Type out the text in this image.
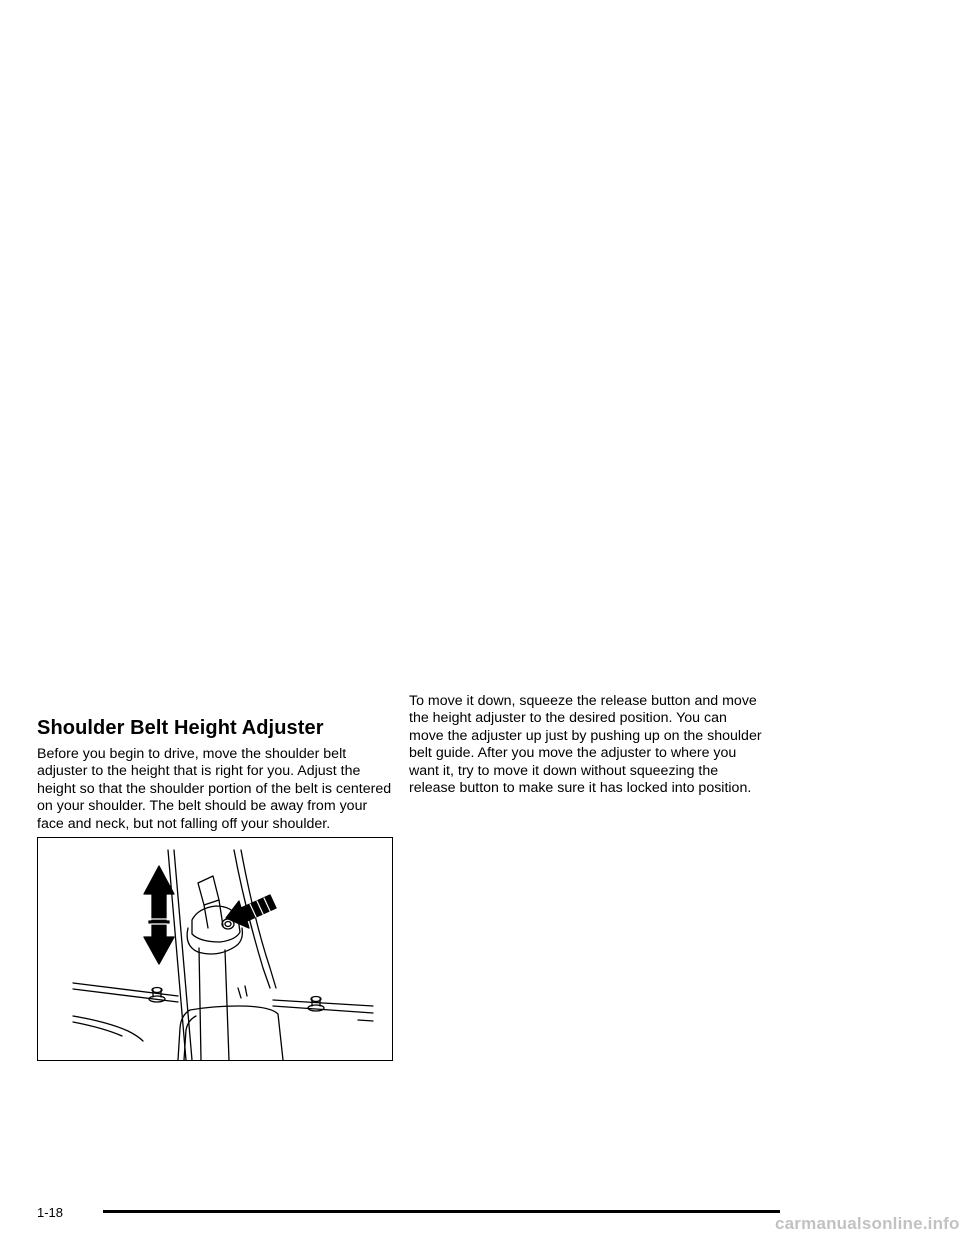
Shoulder Belt Height Adjuster

Before you begin to drive, move the shoulder belt
adjuster to the height that is right for you. Adjust the
height so that the shoulder portion of the belt is centered
on your shoulder. The belt should be away from your
face and neck, but not falling off your shoulder.

To move it down, squeeze the release button and move
the height adjuster to the desired position. You can
move the adjuster up just by pushing up on the shoulder
belt guide. After you move the adjuster to where you
want it, try to move it down without squeezing the
release button to make sure it has locked into position.

1-18
carmanualsonline.info
